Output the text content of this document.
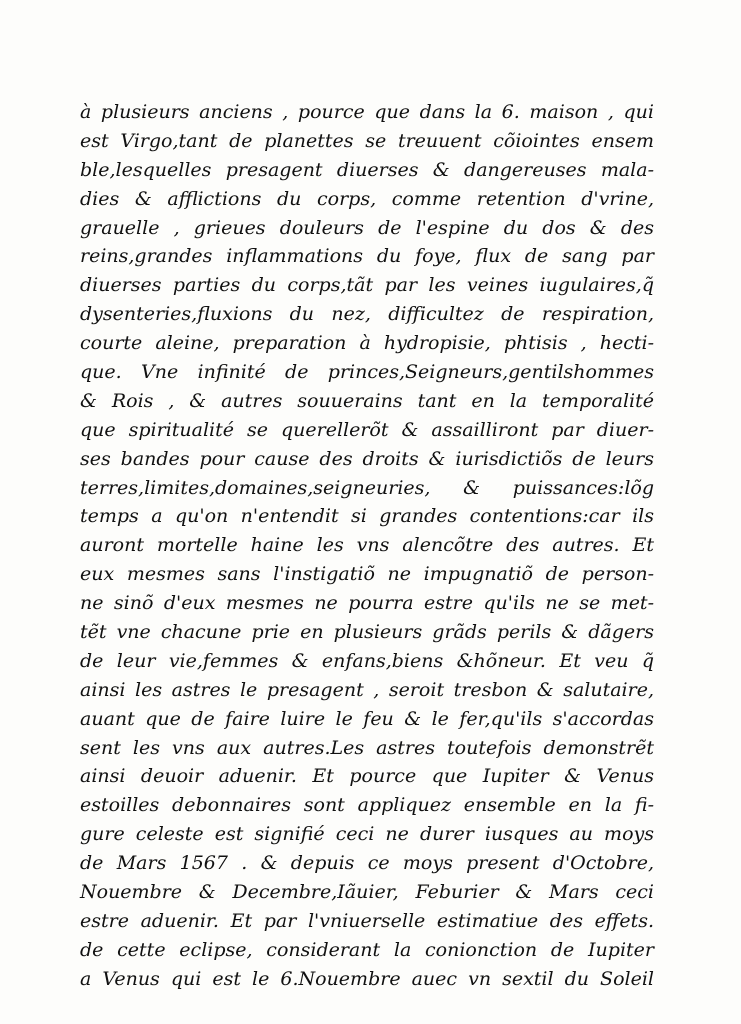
à plusieurs anciens , pource que dans la 6. maison , qui
est Virgo,tant de planettes se treuuent cõiointes ensem
ble,lesquelles presagent diuerses & dangereuses mala-
dies & afflictions du corps, comme retention d'vrine,
grauelle , grieues douleurs de l'espine du dos & des
reins,grandes inflammations du foye, flux de sang par
diuerses parties du corps,tãt par les veines iugulaires,q̃
dysenteries,fluxions du nez, difficultez de respiration,
courte aleine, preparation à hydropisie, phtisis , hecti-
que. Vne infinité de princes,Seigneurs,gentilshommes
& Rois , & autres souuerains tant en la temporalité
que spiritualité se querellerõt & assailliront par diuer-
ses bandes pour cause des droits & iurisdictiõs de leurs
terres,limites,domaines,seigneuries, & puissances:lõg
temps a qu'on n'entendit si grandes contentions:car ils
auront mortelle haine les vns alencõtre des autres. Et
eux mesmes sans l'instigatiõ ne impugnatiõ de person-
ne sinõ d'eux mesmes ne pourra estre qu'ils ne se met-
tẽt vne chacune prie en plusieurs grãds perils & dãgers
de leur vie,femmes & enfans,biens &hõneur. Et veu q̃
ainsi les astres le presagent , seroit tresbon & salutaire,
auant que de faire luire le feu & le fer,qu'ils s'accordas
sent les vns aux autres.Les astres toutefois demonstrẽt
ainsi deuoir aduenir. Et pource que Iupiter & Venus
estoilles debonnaires sont appliquez ensemble en la fi-
gure celeste est signifié ceci ne durer iusques au moys
de Mars 1567 . & depuis ce moys present d'Octobre,
Nouembre & Decembre,Iãuier, Feburier & Mars ceci
estre aduenir. Et par l'vniuerselle estimatiue des effets.
de cette eclipse, considerant la conionction de Iupiter
a Venus qui est le 6.Nouembre auec vn sextil du Soleil
